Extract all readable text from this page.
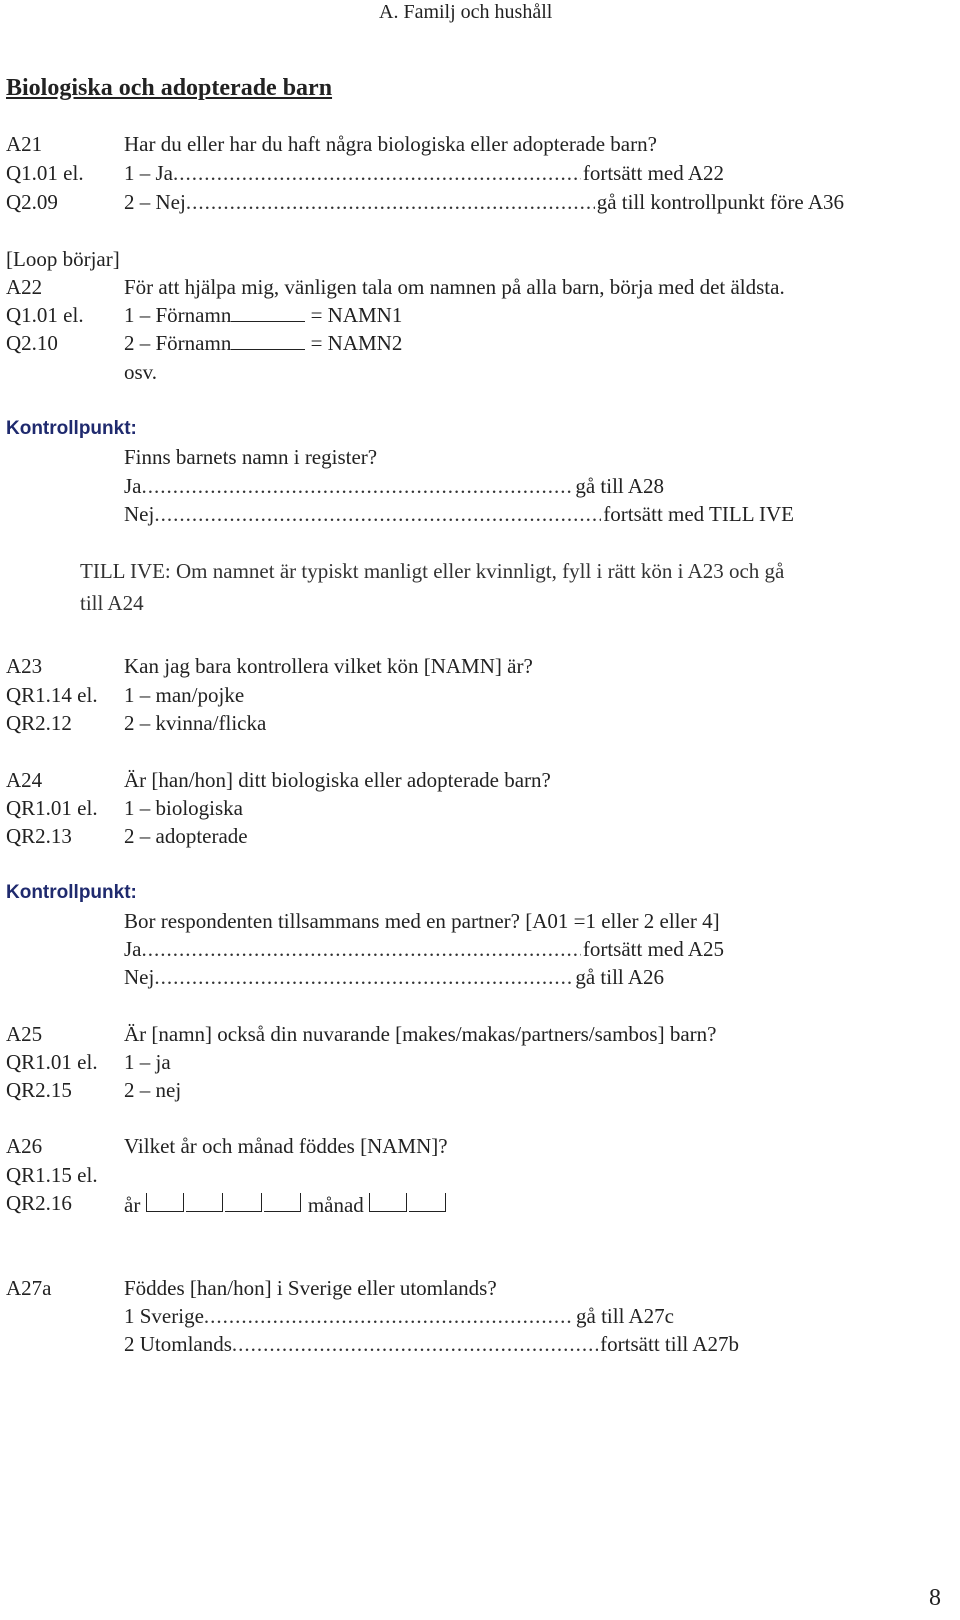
A. Familj och hushåll
Biologiska och adopterade barn
A21	Har du eller har du haft några biologiska eller adopterade barn?
Q1.01 el. 1 – Ja .....	fortsätt med A22
Q2.09	2 – Nej .....	gå till kontrollpunkt före A36
[Loop börjar]
A22	För att hjälpa mig, vänligen tala om namnen på alla barn, börja med det äldsta.
Q1.01 el. 1 – Förnamn	= NAMN1
Q2.10	2 – Förnamn	= NAMN2
osv.
Kontrollpunkt:
Finns barnets namn i register?
Ja .....	gå till A28
Nej .....	fortsätt med TILL IVE
TILL IVE: Om namnet är typiskt manligt eller kvinnligt, fyll i rätt kön i A23 och gå
till A24
A23	Kan jag bara kontrollera vilket kön [NAMN] är?
QR1.14 el. 1 – man/pojke
QR2.12 2 – kvinna/flicka
A24	Är [han/hon] ditt biologiska eller adopterade barn?
QR1.01 el. 1 – biologiska
QR2.13 2 – adopterade
Kontrollpunkt:
Bor respondenten tillsammans med en partner? [A01 =1 eller 2 eller 4]
Ja .....	fortsätt med A25
Nej .....	gå till A26
A25	Är [namn] också din nuvarande [makes/makas/partners/sambos] barn?
QR1.01 el. 1 – ja
QR2.15 2 – nej
A26	Vilket år och månad föddes [NAMN]?
QR1.15 el.
QR2.16 år	månad
A27a	Föddes [han/hon] i Sverige eller utomlands?
1 Sverige .....	gå till A27c
2 Utomlands .....	fortsätt till A27b
8
